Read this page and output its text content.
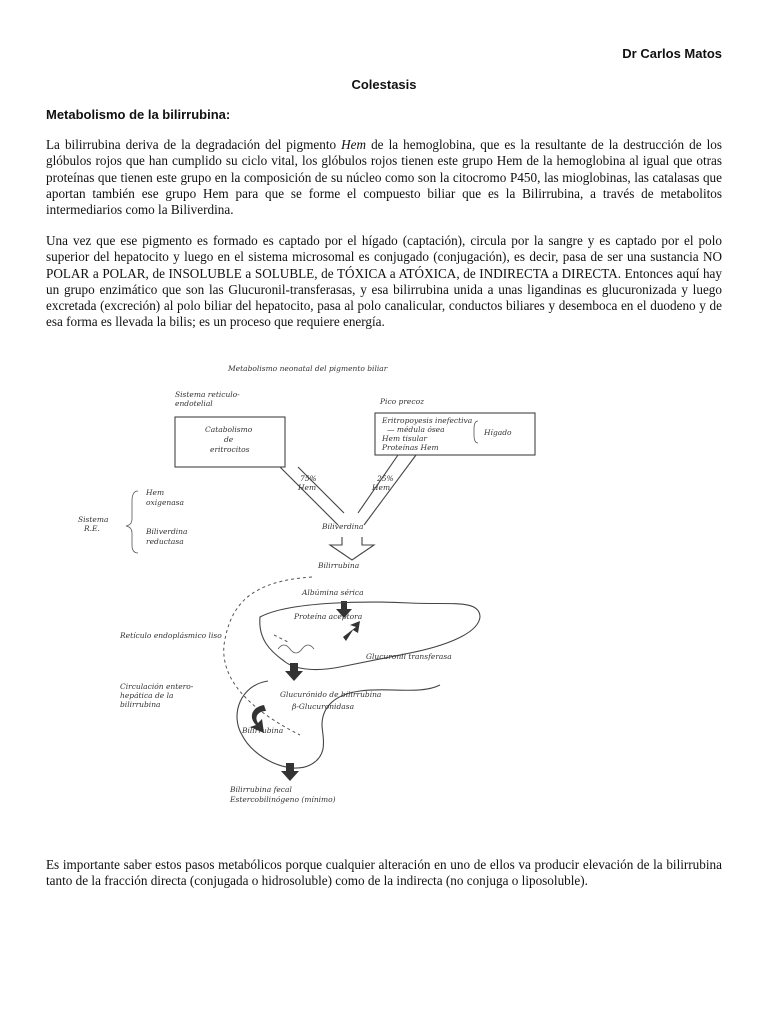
Dr Carlos Matos
Colestasis
Metabolismo de la bilirrubina:

La bilirrubina deriva de la degradación del pigmento Hem de la hemoglobina, que es la resultante de la destrucción de los glóbulos rojos que han cumplido su ciclo vital, los glóbulos rojos tienen este grupo Hem de la hemoglobina al igual que otras proteínas que tienen este grupo en la composición de su núcleo como son la citocromo P450, las mioglobinas, las catalasas que aportan también ese grupo Hem para que se forme el compuesto biliar que es la Bilirrubina, a través de metabolitos intermediarios como la Biliverdina.

Una vez que ese pigmento es formado es captado por el hígado (captación), circula por la sangre y es captado por el polo superior del hepatocito y luego en el sistema microsomal es conjugado (conjugación), es decir, pasa de ser una sustancia NO POLAR a POLAR, de INSOLUBLE a SOLUBLE, de TÓXICA a ATÓXICA, de INDIRECTA a DIRECTA. Entonces aquí hay un grupo enzimático que son las Glucuronil-transferasas, y esa bilirrubina unida a unas ligandinas es glucuronizada y luego excretada (excreción) al polo biliar del hepatocito, pasa al polo canalicular, conductos biliares y desemboca en el duodeno y de esa forma es llevada la bilis; es un proceso que requiere energía.

Metabolismo neonatal del pigmento biliar
Sistema reticulo-
endotelial
Catabolismo
de
eritrocitos
Pico precoz
Eritropoyesis inefectiva
— médula ósea
Hem tisular
Proteínas Hem
Hígado
75%
Hem
25%
Hem
Sistema
R.E.
Hem
oxigenasa
Biliverdina
reductasa
Biliverdina
Bilirrubina
Albúmina sérica
Proteína aceptora
Retículo endoplásmico liso
Glucuronil transferasa
Circulación entero-
hepática de la
bilirrubina
Glucurónido de bilirrubina
β-Glucuronidasa
Bilirrubina
Bilirrubina fecal
Estercobilinógeno (mínimo)

Es importante saber estos pasos metabólicos porque cualquier alteración en uno de ellos va producir elevación de la bilirrubina tanto de la fracción directa (conjugada o hidrosoluble) como de la indirecta (no conjuga o liposoluble).
